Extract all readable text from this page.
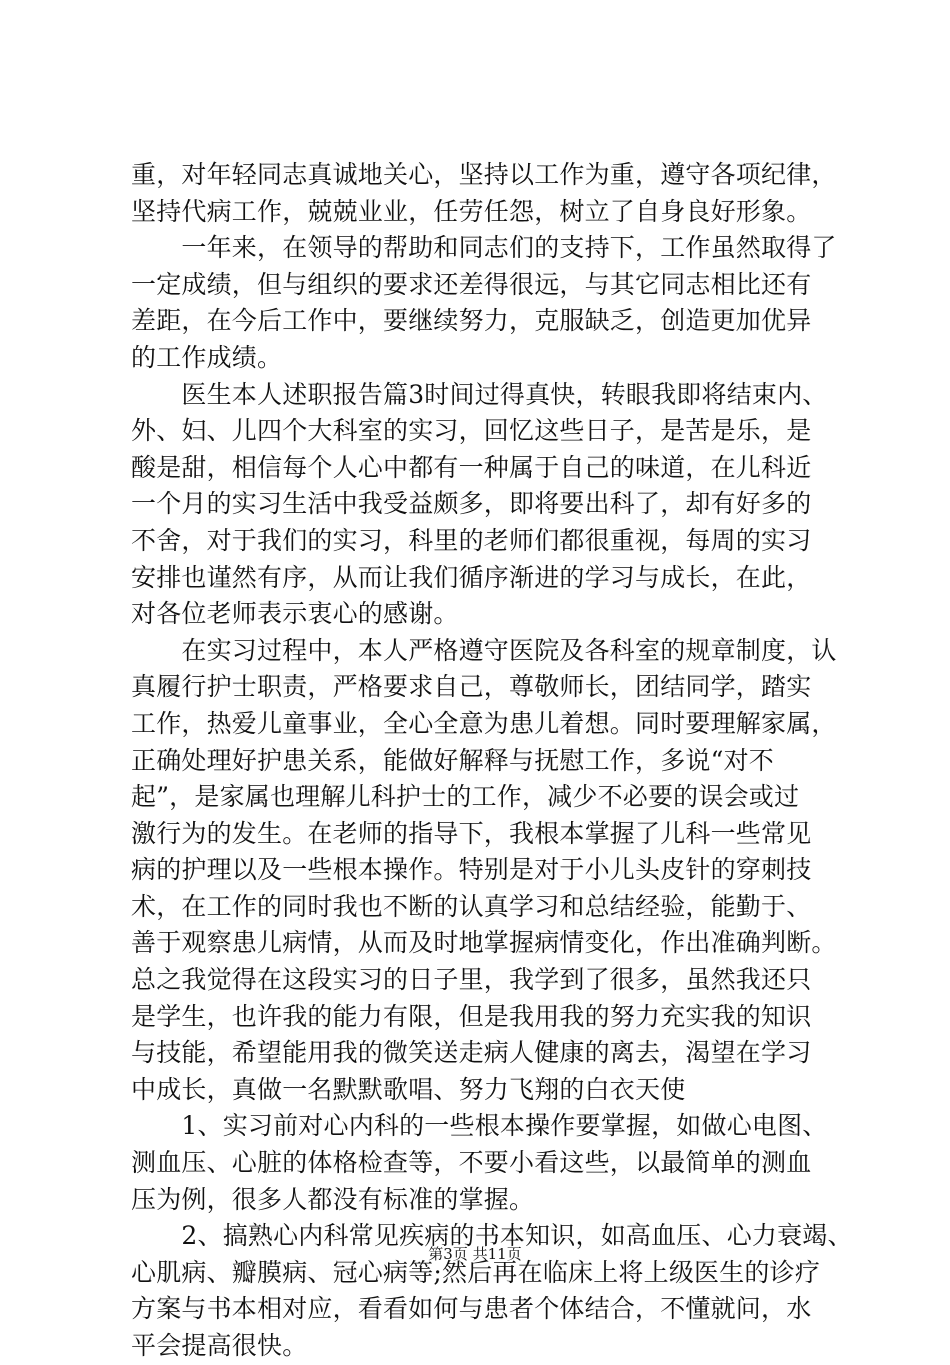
重，对年轻同志真诚地关心，坚持以工作为重，遵守各项纪律，
坚持代病工作，兢兢业业，任劳任怨，树立了自身良好形象。
　　一年来，在领导的帮助和同志们的支持下，工作虽然取得了
一定成绩，但与组织的要求还差得很远，与其它同志相比还有
差距，在今后工作中，要继续努力，克服缺乏，创造更加优异
的工作成绩。
　　医生本人述职报告篇3时间过得真快，转眼我即将结束内、
外、妇、儿四个大科室的实习，回忆这些日子，是苦是乐，是
酸是甜，相信每个人心中都有一种属于自己的味道，在儿科近
一个月的实习生活中我受益颇多，即将要出科了，却有好多的
不舍，对于我们的实习，科里的老师们都很重视，每周的实习
安排也谨然有序，从而让我们循序渐进的学习与成长，在此，
对各位老师表示衷心的感谢。
　　在实习过程中，本人严格遵守医院及各科室的规章制度，认
真履行护士职责，严格要求自己，尊敬师长，团结同学，踏实
工作，热爱儿童事业，全心全意为患儿着想。同时要理解家属，
正确处理好护患关系，能做好解释与抚慰工作，多说“对不
起”，是家属也理解儿科护士的工作，减少不必要的误会或过
激行为的发生。在老师的指导下，我根本掌握了儿科一些常见
病的护理以及一些根本操作。特别是对于小儿头皮针的穿刺技
术，在工作的同时我也不断的认真学习和总结经验，能勤于、
善于观察患儿病情，从而及时地掌握病情变化，作出准确判断。
总之我觉得在这段实习的日子里，我学到了很多，虽然我还只
是学生，也许我的能力有限，但是我用我的努力充实我的知识
与技能，希望能用我的微笑送走病人健康的离去，渴望在学习
中成长，真做一名默默歌唱、努力飞翔的白衣天使
　　1、实习前对心内科的一些根本操作要掌握，如做心电图、
测血压、心脏的体格检查等，不要小看这些，以最简单的测血
压为例，很多人都没有标准的掌握。
　　2、搞熟心内科常见疾病的书本知识，如高血压、心力衰竭、
心肌病、瓣膜病、冠心病等;然后再在临床上将上级医生的诊疗
方案与书本相对应，看看如何与患者个体结合，不懂就问，水
平会提高很快。
第3页 共11页
